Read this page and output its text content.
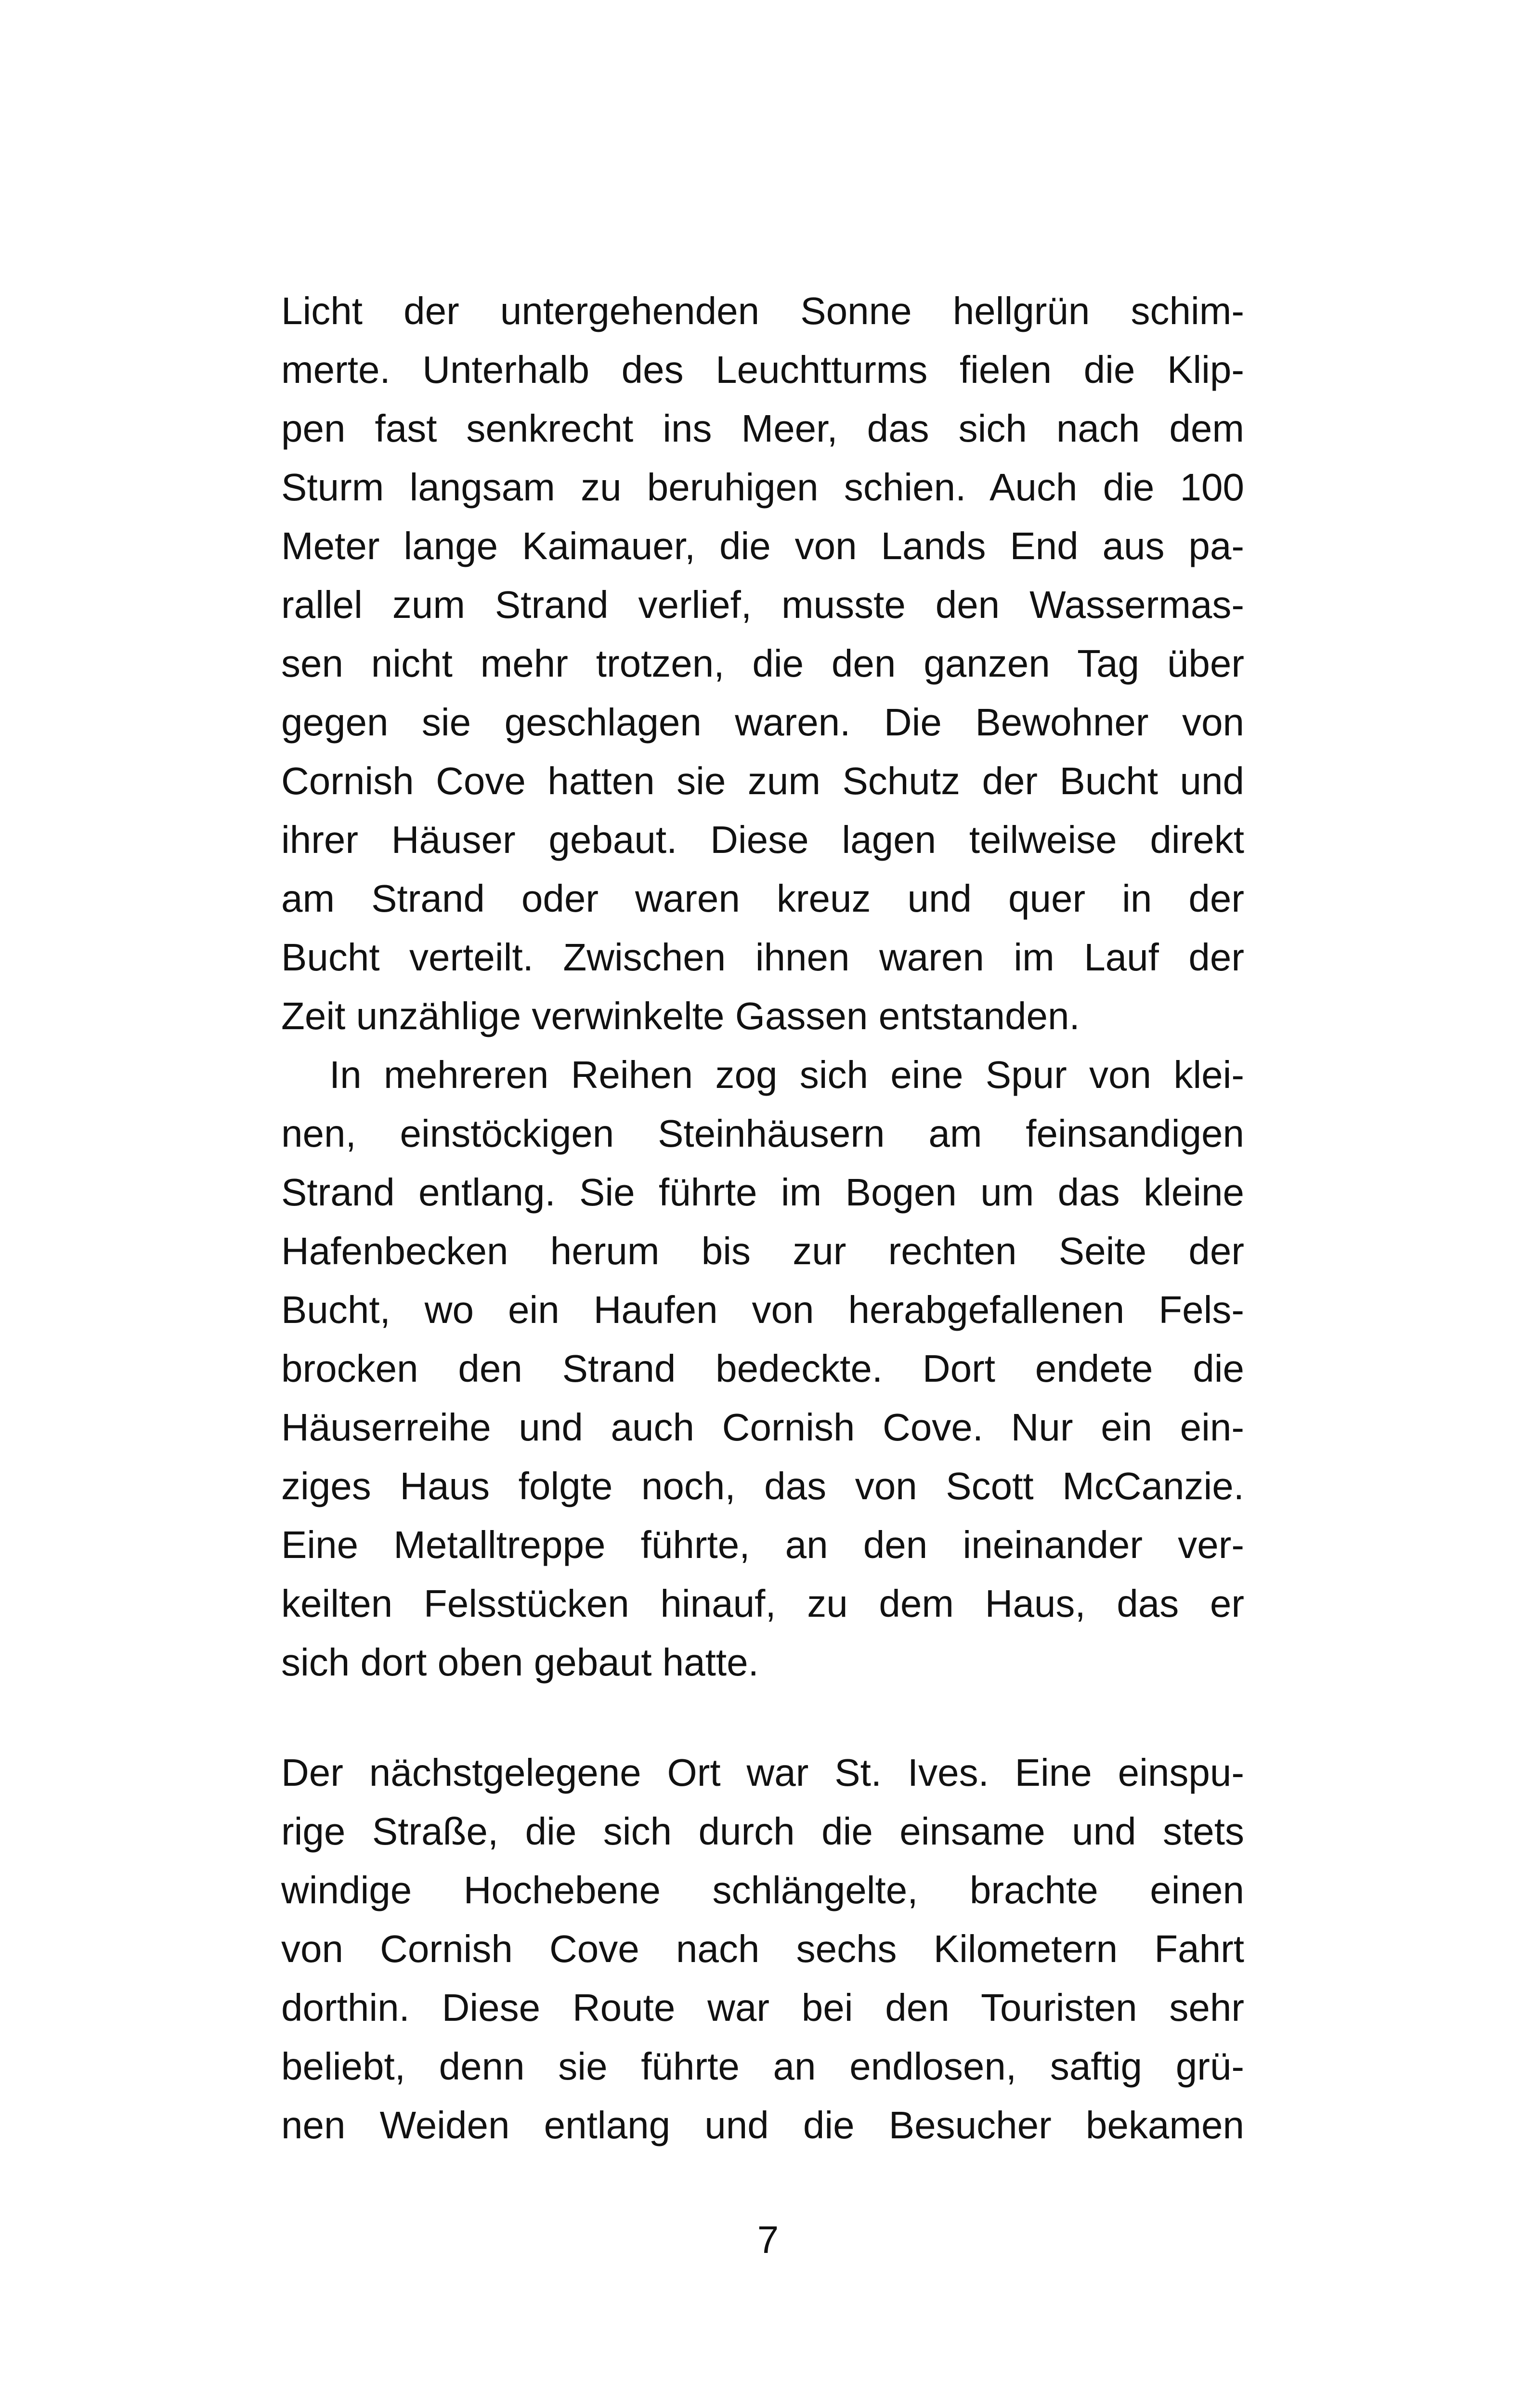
Licht der untergehenden Sonne hellgrün schim-
merte. Unterhalb des Leuchtturms fielen die Klip-
pen fast senkrecht ins Meer, das sich nach dem
Sturm langsam zu beruhigen schien. Auch die 100
Meter lange Kaimauer, die von Lands End aus pa-
rallel zum Strand verlief, musste den Wassermas-
sen nicht mehr trotzen, die den ganzen Tag über
gegen sie geschlagen waren. Die Bewohner von
Cornish Cove hatten sie zum Schutz der Bucht und
ihrer Häuser gebaut. Diese lagen teilweise direkt
am Strand oder waren kreuz und quer in der
Bucht verteilt. Zwischen ihnen waren im Lauf der
Zeit unzählige verwinkelte Gassen entstanden.
In mehreren Reihen zog sich eine Spur von klei-
nen, einstöckigen Steinhäusern am feinsandigen
Strand entlang. Sie führte im Bogen um das kleine
Hafenbecken herum bis zur rechten Seite der
Bucht, wo ein Haufen von herabgefallenen Fels-
brocken den Strand bedeckte. Dort endete die
Häuserreihe und auch Cornish Cove. Nur ein ein-
ziges Haus folgte noch, das von Scott McCanzie.
Eine Metalltreppe führte, an den ineinander ver-
keilten Felsstücken hinauf, zu dem Haus, das er
sich dort oben gebaut hatte.
Der nächstgelegene Ort war St. Ives. Eine einspu-
rige Straße, die sich durch die einsame und stets
windige Hochebene schlängelte, brachte einen
von Cornish Cove nach sechs Kilometern Fahrt
dorthin. Diese Route war bei den Touristen sehr
beliebt, denn sie führte an endlosen, saftig grü-
nen Weiden entlang und die Besucher bekamen
7
